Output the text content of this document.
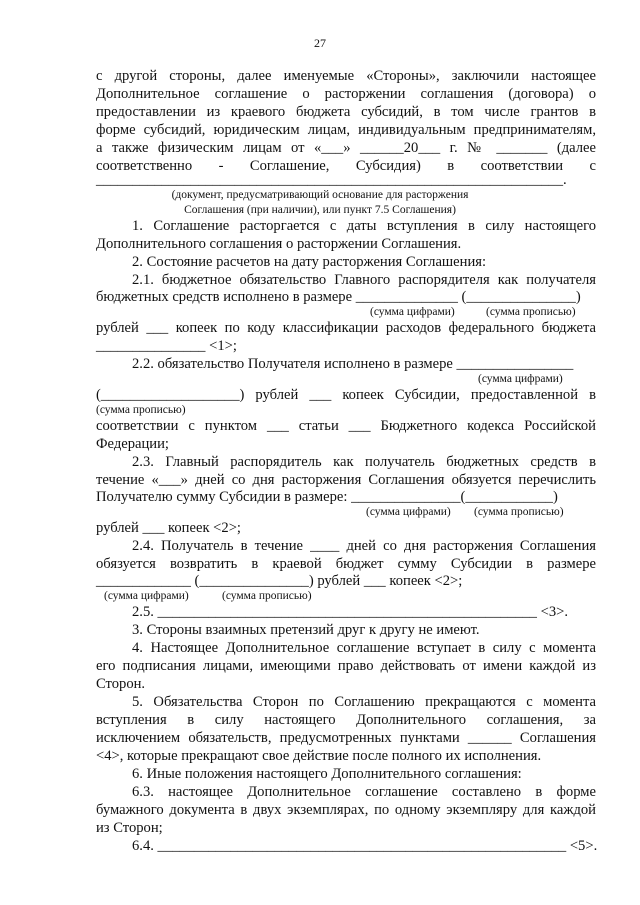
27
с другой стороны, далее именуемые «Стороны», заключили настоящее
Дополнительное соглашение о расторжении соглашения (договора) о
предоставлении из краевого бюджета субсидий, в том числе грантов в
форме субсидий, юридическим лицам, индивидуальным предпринимателям,
а также физическим лицам от «___» ______20___ г. № _______ (далее
соответственно - Соглашение, Субсидия) в соответствии с
________________________________________________________________.
(документ, предусматривающий основание для расторжения
Соглашения (при наличии), или пункт 7.5 Соглашения)
1. Соглашение расторгается с даты вступления в силу настоящего
Дополнительного соглашения о расторжении Соглашения.
2. Состояние расчетов на дату расторжения Соглашения:
2.1. бюджетное обязательство Главного распорядителя как получателя
бюджетных средств исполнено в размере ______________ (_______________)
(сумма цифрами)	(сумма прописью)
рублей ___ копеек по коду классификации расходов федерального бюджета
_______________ <1>;
2.2. обязательство Получателя исполнено в размере ________________
(сумма цифрами)
(___________________) рублей ___ копеек Субсидии, предоставленной в
(сумма прописью)
соответствии с пунктом ___ статьи ___ Бюджетного кодекса Российской
Федерации;
2.3. Главный распорядитель как получатель бюджетных средств в
течение «___» дней со дня расторжения Соглашения обязуется перечислить
Получателю сумму Субсидии в размере: _______________(____________)
(сумма цифрами) (сумма прописью)
рублей ___ копеек <2>;
2.4. Получатель в течение ____ дней со дня расторжения Соглашения
обязуется возвратить в краевой бюджет сумму Субсидии в размере
_____________ (_______________) рублей ___ копеек <2>;
(сумма цифрами)	(сумма прописью)
2.5. ____________________________________________________ <3>.
3. Стороны взаимных претензий друг к другу не имеют.
4. Настоящее Дополнительное соглашение вступает в силу с момента
его подписания лицами, имеющими право действовать от имени каждой из
Сторон.
5. Обязательства Сторон по Соглашению прекращаются с момента
вступления в силу настоящего Дополнительного соглашения, за
исключением обязательств, предусмотренных пунктами ______ Соглашения
<4>, которые прекращают свое действие после полного их исполнения.
6. Иные положения настоящего Дополнительного соглашения:
6.3. настоящее Дополнительное соглашение составлено в форме
бумажного документа в двух экземплярах, по одному экземпляру для каждой
из Сторон;
6.4. ________________________________________________________ <5>.
